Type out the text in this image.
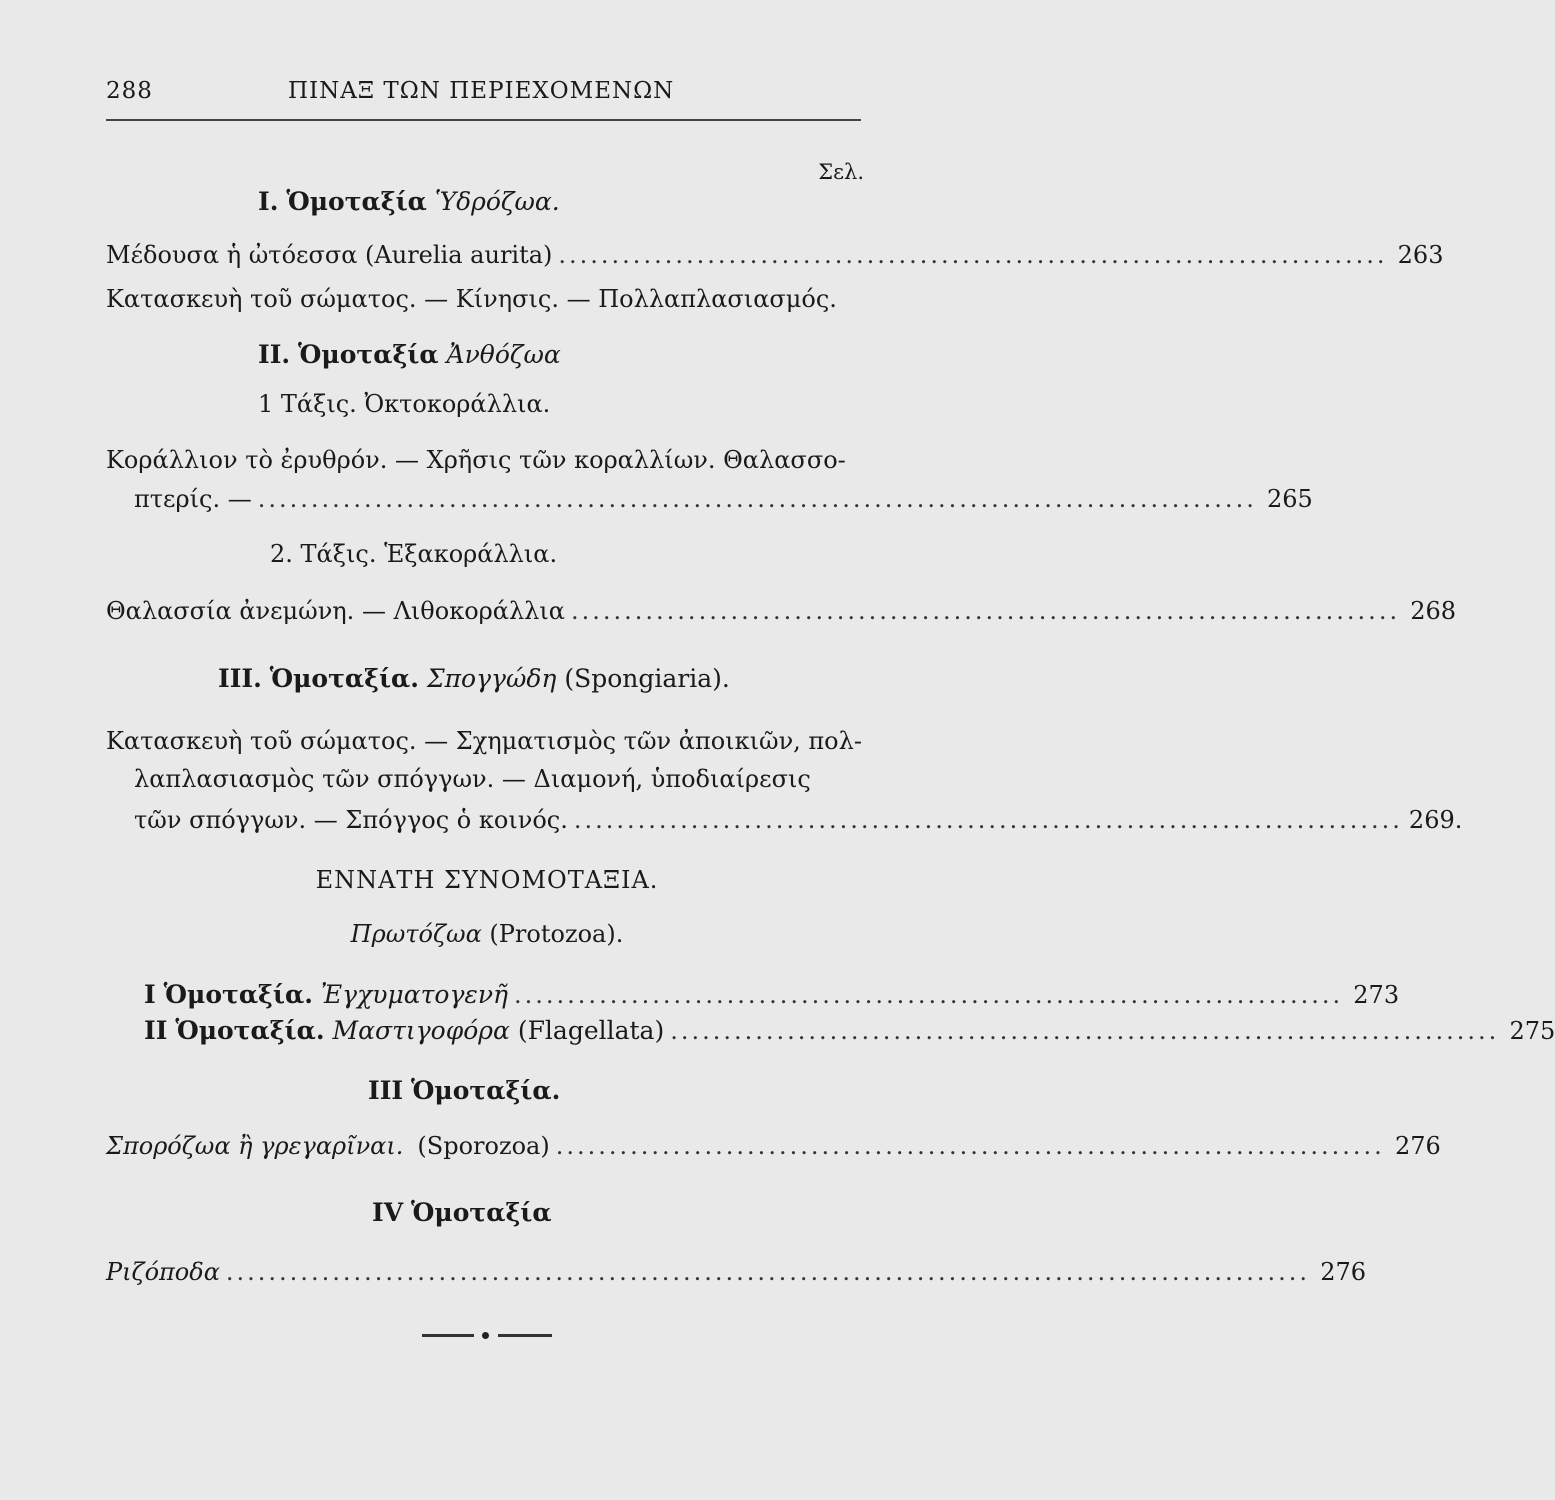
288	ΠΙΝΑΞ ΤΩΝ ΠΕΡΙΕΧΟΜΕΝΩΝ
Σελ.
Ι. Ὁμοταξία Ὑδρόζωα.
Μέδουσα ἡ ὠτόεσσα (Aurelia aurita) .............................................................................. 263
Κατασκευὴ τοῦ σώματος. — Κίνησις. — Πολλαπλασιασμός.
ΙΙ. Ὁμοταξία Ἀνθόζωα
1 Τάξις. Ὀκτοκοράλλια.
Κοράλλιον τὸ ἐρυθρόν. — Χρῆσις τῶν κοραλλίων. Θαλασσο-
πτερίς. — .............................................................................................. 265
2. Τάξις. Ἑξακοράλλια.
Θαλασσία ἀνεμώνη. — Λιθοκοράλλια .............................................................................. 268
ΙΙΙ. Ὁμοταξία. Σπογγώδη (Spongiaria).
Κατασκευὴ τοῦ σώματος. — Σχηματισμὸς τῶν ἀποικιῶν, πολ-
λαπλασιασμὸς τῶν σπόγγων. — Διαμονή, ὑποδιαίρεσις
τῶν σπόγγων. — Σπόγγος ὁ κοινός. .............................................................................. 269.
ΕΝΝΑΤΗ ΣΥΝΟΜΟΤΑΞΙΑ.
Πρωτόζωα (Protozoa).
Ι Ὁμοταξία. Ἐγχυματογενῆ .............................................................................. 273
ΙΙ Ὁμοταξία. Μαστιγοφόρα (Flagellata) .............................................................................. 275
ΙΙΙ Ὁμοταξία.
Σπορόζωα ἢ γρεγαρῖναι. (Sporozoa) .............................................................................. 276
ΙV Ὁμοταξία
Ριζόποδα ...................................................................................................... 276
